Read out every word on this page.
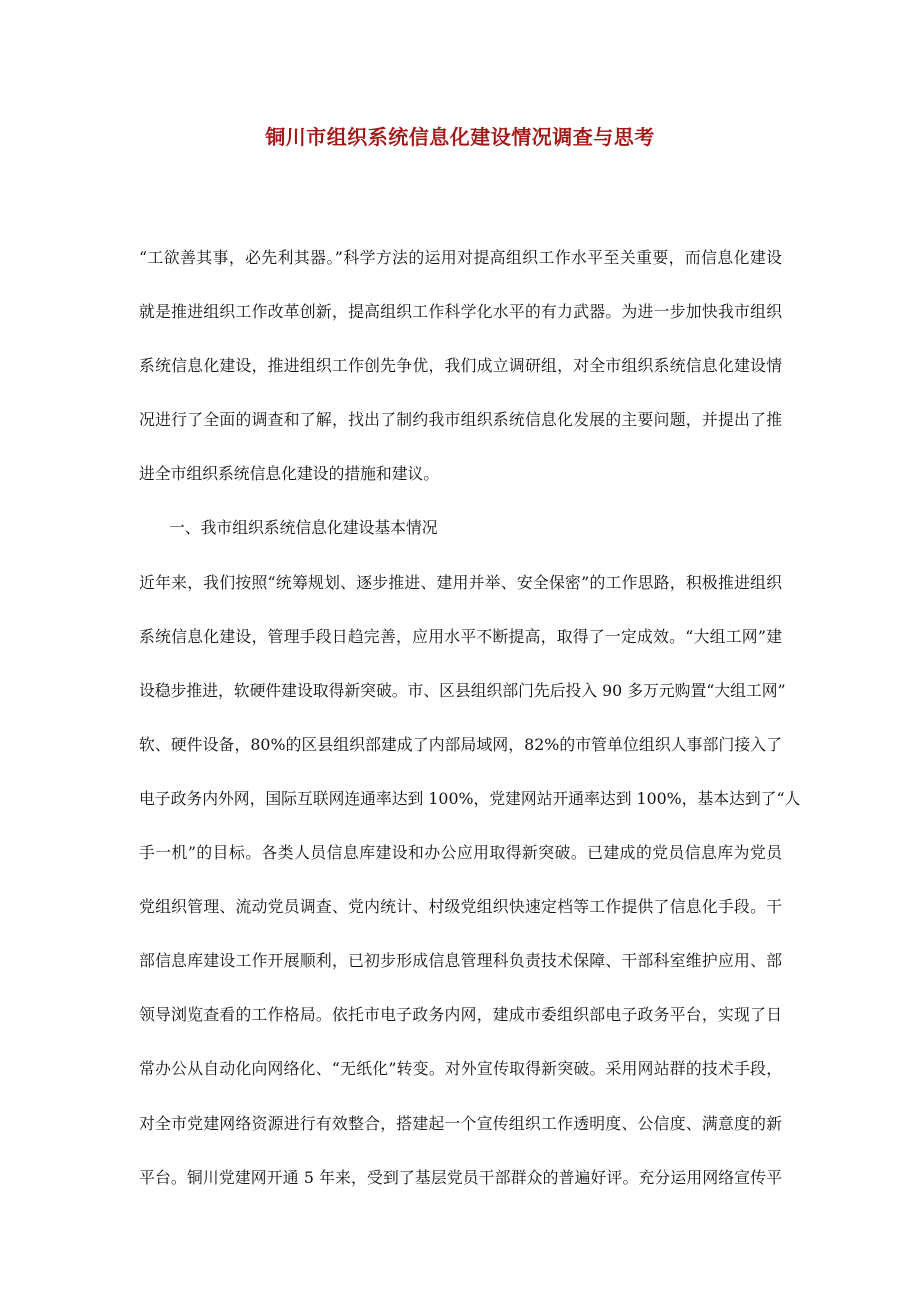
铜川市组织系统信息化建设情况调查与思考
“工欲善其事，必先利其器。”科学方法的运用对提高组织工作水平至关重要，而信息化建设
就是推进组织工作改革创新，提高组织工作科学化水平的有力武器。为进一步加快我市组织
系统信息化建设，推进组织工作创先争优，我们成立调研组，对全市组织系统信息化建设情
况进行了全面的调查和了解，找出了制约我市组织系统信息化发展的主要问题，并提出了推
进全市组织系统信息化建设的措施和建议。
一、我市组织系统信息化建设基本情况
近年来，我们按照“统筹规划、逐步推进、建用并举、安全保密”的工作思路，积极推进组织
系统信息化建设，管理手段日趋完善，应用水平不断提高，取得了一定成效。“大组工网”建
设稳步推进，软硬件建设取得新突破。市、区县组织部门先后投入 90 多万元购置“大组工网”
软、硬件设备，80%的区县组织部建成了内部局域网，82%的市管单位组织人事部门接入了
电子政务内外网，国际互联网连通率达到 100%，党建网站开通率达到 100%，基本达到了“人
手一机”的目标。各类人员信息库建设和办公应用取得新突破。已建成的党员信息库为党员
党组织管理、流动党员调查、党内统计、村级党组织快速定档等工作提供了信息化手段。干
部信息库建设工作开展顺利，已初步形成信息管理科负责技术保障、干部科室维护应用、部
领导浏览查看的工作格局。依托市电子政务内网，建成市委组织部电子政务平台，实现了日
常办公从自动化向网络化、“无纸化”转变。对外宣传取得新突破。采用网站群的技术手段，
对全市党建网络资源进行有效整合，搭建起一个宣传组织工作透明度、公信度、满意度的新
平台。铜川党建网开通 5 年来，受到了基层党员干部群众的普遍好评。充分运用网络宣传平
